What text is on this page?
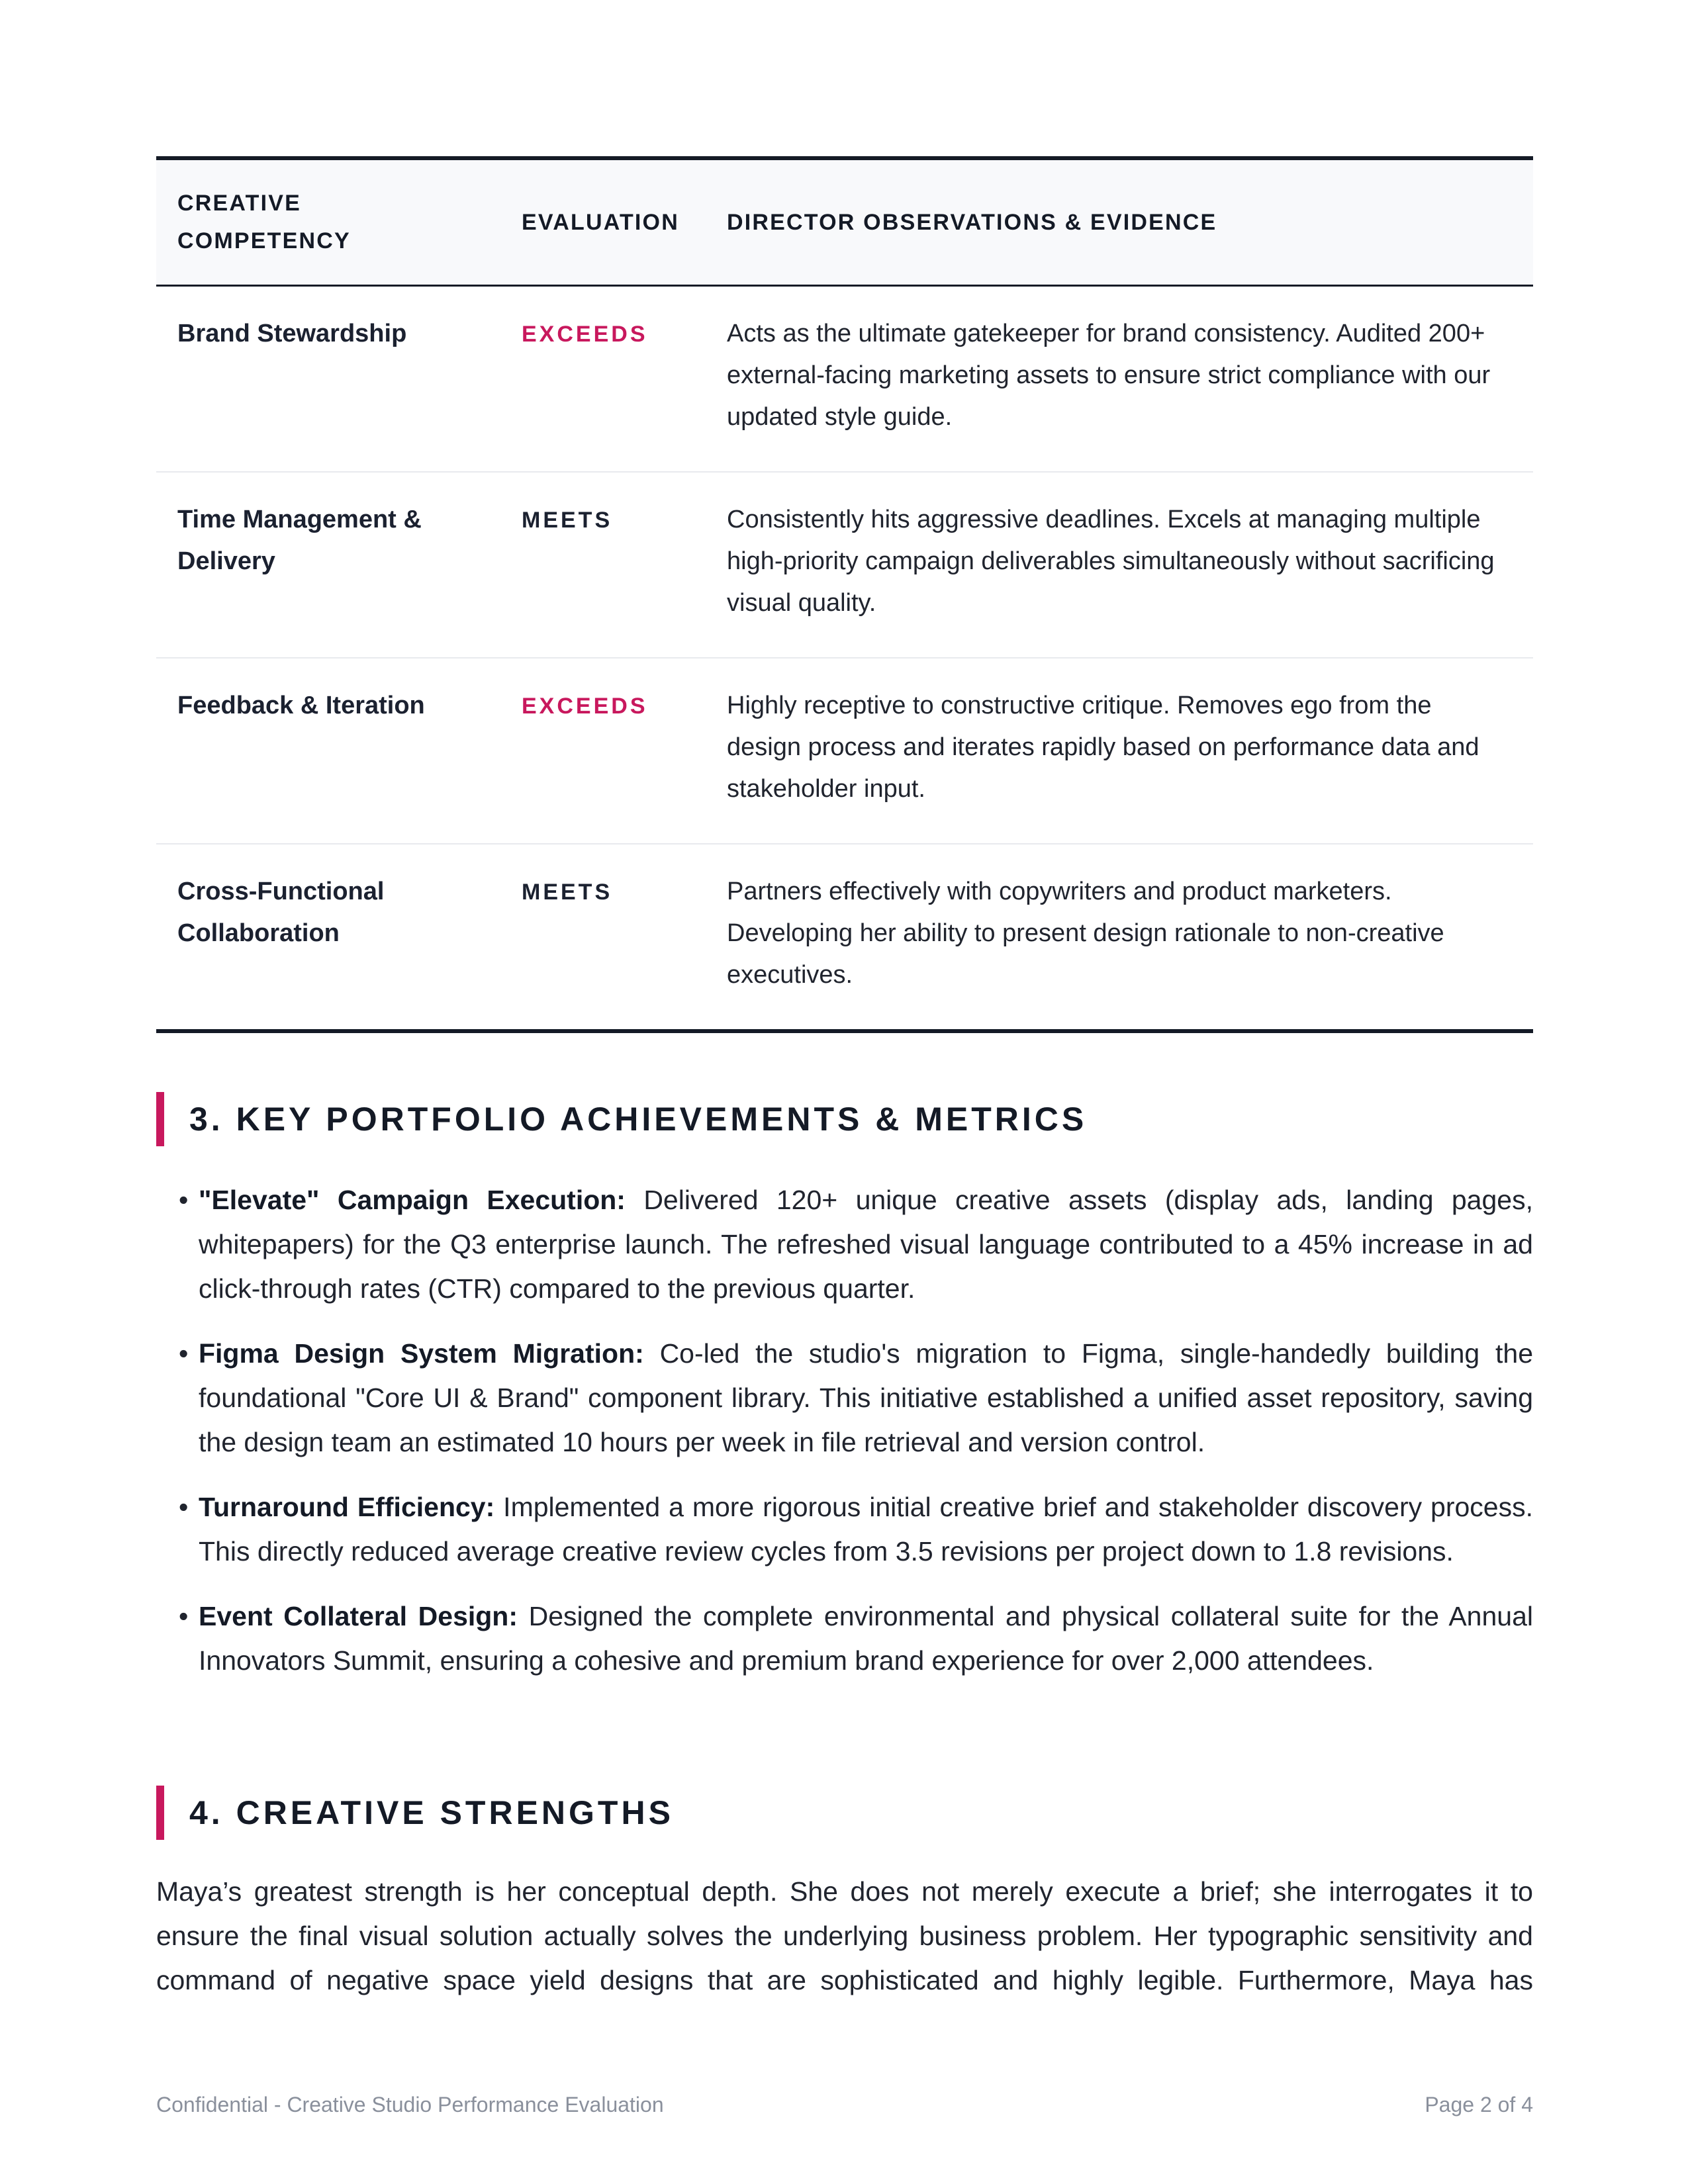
CREATIVE COMPETENCY	EVALUATION	DIRECTOR OBSERVATIONS & EVIDENCE
Brand Stewardship	EXCEEDS	Acts as the ultimate gatekeeper for brand consistency. Audited 200+ external-facing marketing assets to ensure strict compliance with our updated style guide.
Time Management & Delivery	MEETS	Consistently hits aggressive deadlines. Excels at managing multiple high-priority campaign deliverables simultaneously without sacrificing visual quality.
Feedback & Iteration	EXCEEDS	Highly receptive to constructive critique. Removes ego from the design process and iterates rapidly based on performance data and stakeholder input.
Cross-Functional Collaboration	MEETS	Partners effectively with copywriters and product marketers. Developing her ability to present design rationale to non-creative executives.
3. KEY PORTFOLIO ACHIEVEMENTS & METRICS
• "Elevate" Campaign Execution: Delivered 120+ unique creative assets (display ads, landing pages, whitepapers) for the Q3 enterprise launch. The refreshed visual language contributed to a 45% increase in ad click-through rates (CTR) compared to the previous quarter.
• Figma Design System Migration: Co-led the studio's migration to Figma, single-handedly building the foundational "Core UI & Brand" component library. This initiative established a unified asset repository, saving the design team an estimated 10 hours per week in file retrieval and version control.
• Turnaround Efficiency: Implemented a more rigorous initial creative brief and stakeholder discovery process. This directly reduced average creative review cycles from 3.5 revisions per project down to 1.8 revisions.
• Event Collateral Design: Designed the complete environmental and physical collateral suite for the Annual Innovators Summit, ensuring a cohesive and premium brand experience for over 2,000 attendees.
4. CREATIVE STRENGTHS

Maya’s greatest strength is her conceptual depth. She does not merely execute a brief; she interrogates it to ensure the final visual solution actually solves the underlying business problem. Her typographic sensitivity and command of negative space yield designs that are sophisticated and highly legible. Furthermore, Maya has

Confidential - Creative Studio Performance Evaluation	Page 2 of 4
